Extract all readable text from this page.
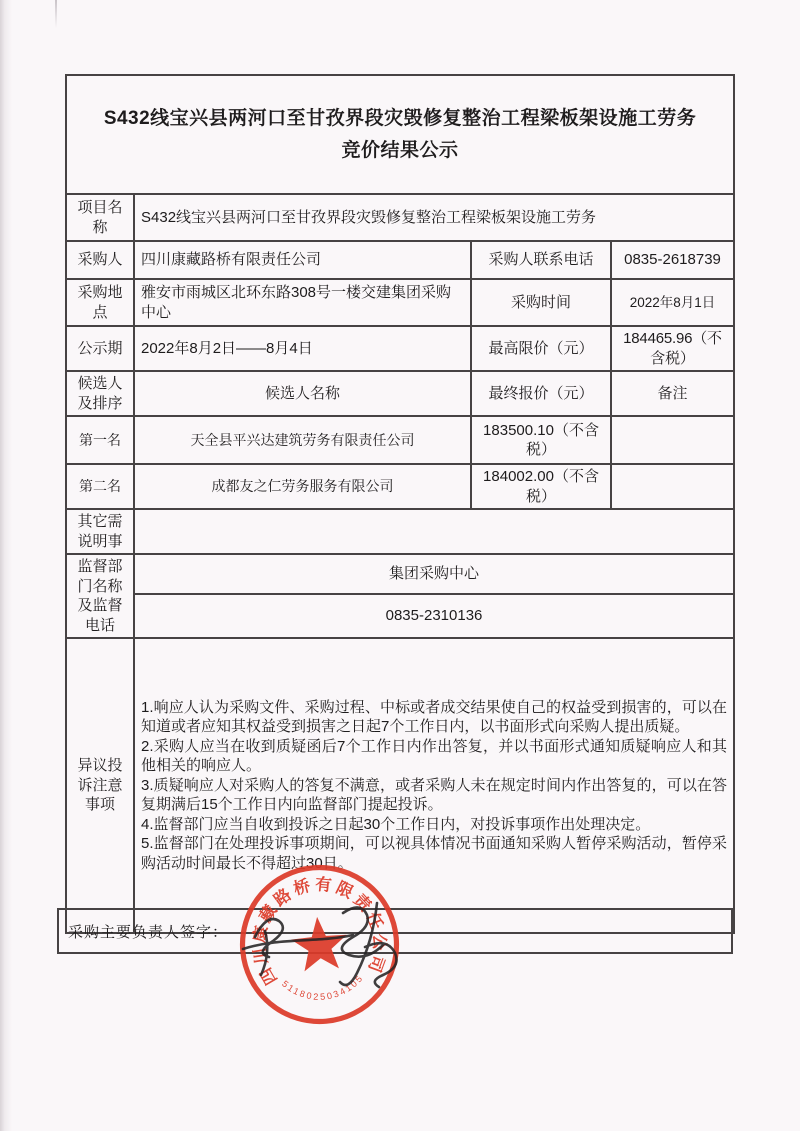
S432线宝兴县两河口至甘孜界段灾毁修复整治工程梁板架设施工劳务
竞价结果公示			

项目名称	S432线宝兴县两河口至甘孜界段灾毁修复整治工程梁板架设施工劳务		
采购人	四川康藏路桥有限责任公司	采购人联系电话	0835-2618739
采购地点	雅安市雨城区北环东路308号一楼交建集团采购中心	采购时间	2022年8月1日
公示期	2022年8月2日——8月4日	最高限价（元）	184465.96（不含税）
候选人及排序	候选人名称	最终报价（元）	备注
第一名	天全县平兴达建筑劳务有限责任公司	183500.10（不含税）	
第二名	成都友之仁劳务服务有限公司	184002.00（不含税）	
其它需说明事			
监督部门名称及监督电话	集团采购中心		
	0835-2310136		
异议投诉注意事项	1.响应人认为采购文件、采购过程、中标或者成交结果使自己的权益受到损害的，可以在知道或者应知其权益受到损害之日起7个工作日内，以书面形式向采购人提出质疑。
2.采购人应当在收到质疑函后7个工作日内作出答复，并以书面形式通知质疑响应人和其他相关的响应人。
3.质疑响应人对采购人的答复不满意，或者采购人未在规定时间内作出答复的，可以在答复期满后15个工作日内向监督部门提起投诉。
4.监督部门应当自收到投诉之日起30个工作日内，对投诉事项作出处理决定。
5.监督部门在处理投诉事项期间，可以视具体情况书面通知采购人暂停采购活动，暂停采购活动时间最长不得超过30日。		
采购主要负责人签字：
四川康藏路桥有限责任公司
5118025034105
